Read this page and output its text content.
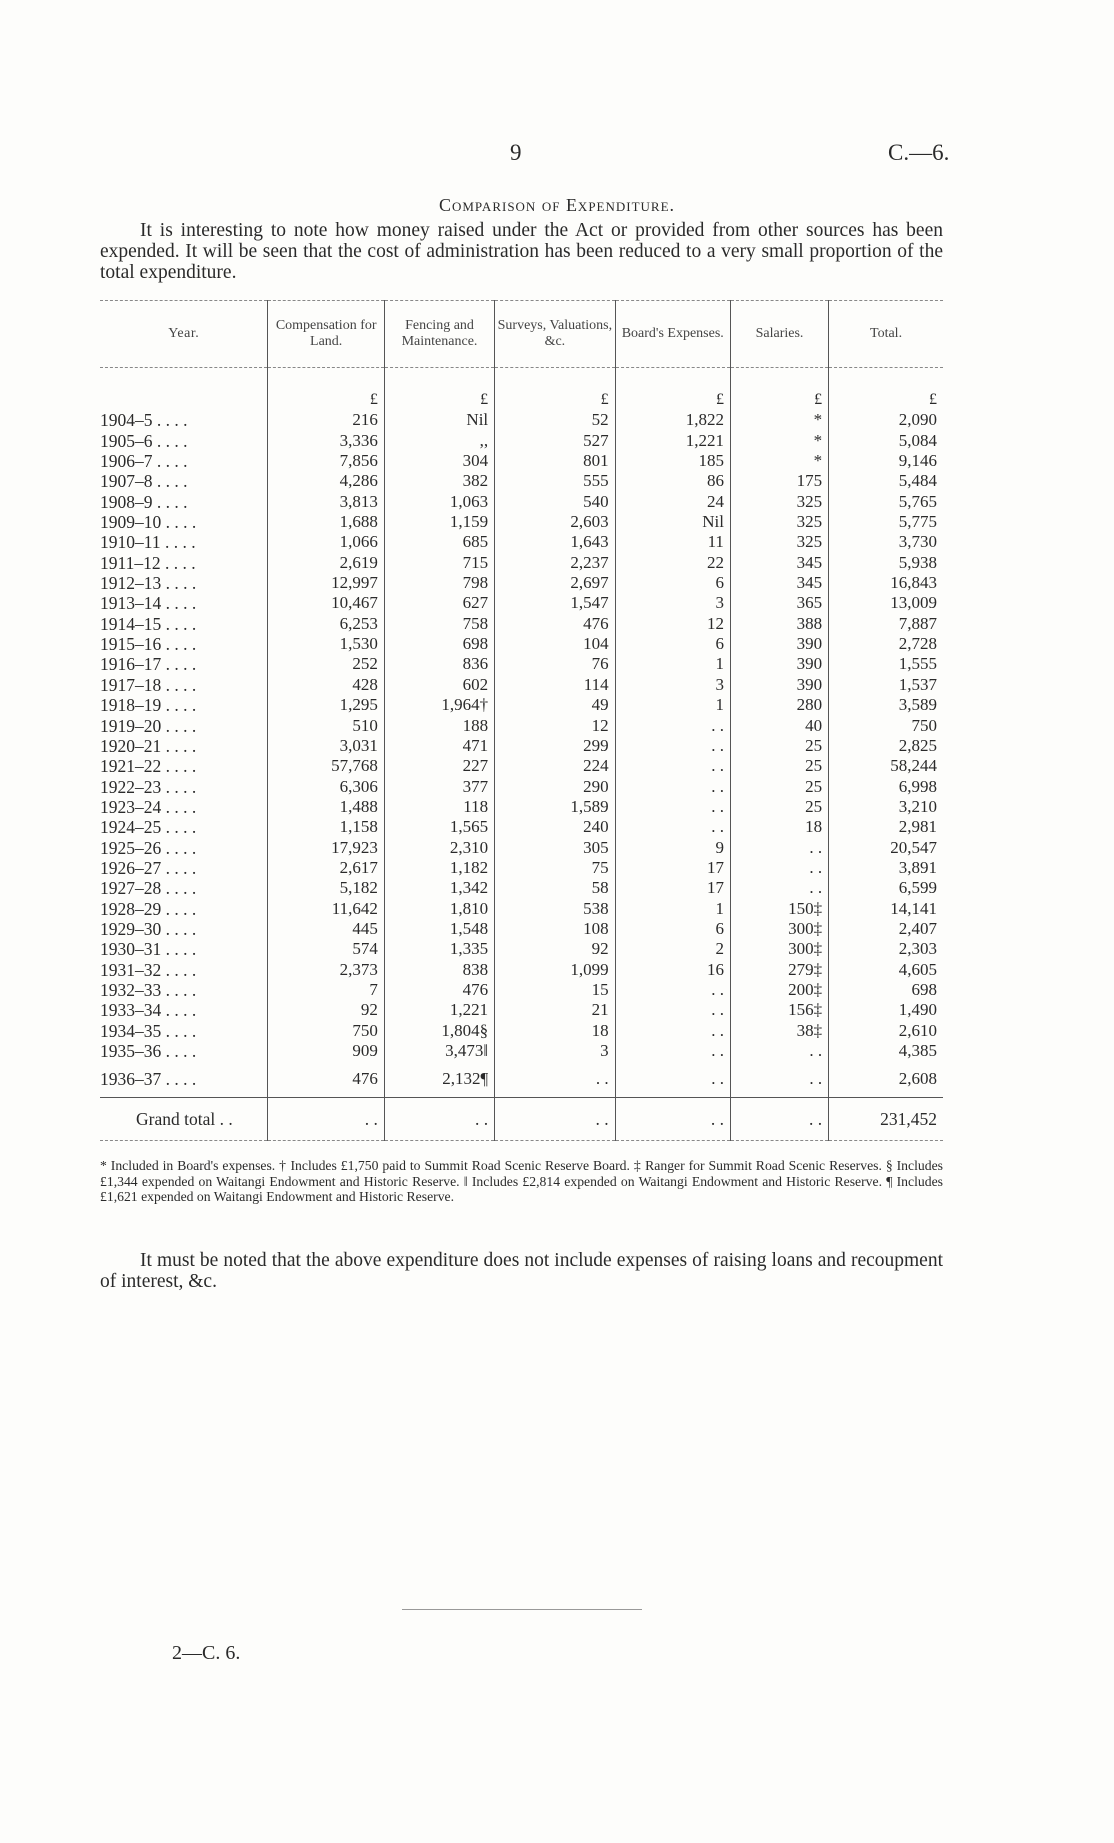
9	C.—6.
Comparison of Expenditure.

It is interesting to note how money raised under the Act or provided from other sources has been expended. It will be seen that the cost of administration has been reduced to a very small proportion of the total expenditure.

Year.	Compensation for Land.	Fencing and Maintenance.	Surveys, Valuations, &c.	Board's Expenses.	Salaries.	Total.
	£	£	£	£	£	£
1904–5 . . . .	216	Nil	52	1,822	*	2,090
1905–6 . . . .	3,336	,,	527	1,221	*	5,084
1906–7 . . . .	7,856	304	801	185	*	9,146
1907–8 . . . .	4,286	382	555	86	175	5,484
1908–9 . . . .	3,813	1,063	540	24	325	5,765
1909–10 . . . .	1,688	1,159	2,603	Nil	325	5,775
1910–11 . . . .	1,066	685	1,643	11	325	3,730
1911–12 . . . .	2,619	715	2,237	22	345	5,938
1912–13 . . . .	12,997	798	2,697	6	345	16,843
1913–14 . . . .	10,467	627	1,547	3	365	13,009
1914–15 . . . .	6,253	758	476	12	388	7,887
1915–16 . . . .	1,530	698	104	6	390	2,728
1916–17 . . . .	252	836	76	1	390	1,555
1917–18 . . . .	428	602	114	3	390	1,537
1918–19 . . . .	1,295	1,964†	49	1	280	3,589
1919–20 . . . .	510	188	12	. .	40	750
1920–21 . . . .	3,031	471	299	. .	25	2,825
1921–22 . . . .	57,768	227	224	. .	25	58,244
1922–23 . . . .	6,306	377	290	. .	25	6,998
1923–24 . . . .	1,488	118	1,589	. .	25	3,210
1924–25 . . . .	1,158	1,565	240	. .	18	2,981
1925–26 . . . .	17,923	2,310	305	9	. .	20,547
1926–27 . . . .	2,617	1,182	75	17	. .	3,891
1927–28 . . . .	5,182	1,342	58	17	. .	6,599
1928–29 . . . .	11,642	1,810	538	1	150‡	14,141
1929–30 . . . .	445	1,548	108	6	300‡	2,407
1930–31 . . . .	574	1,335	92	2	300‡	2,303
1931–32 . . . .	2,373	838	1,099	16	279‡	4,605
1932–33 . . . .	7	476	15	. .	200‡	698
1933–34 . . . .	92	1,221	21	. .	156‡	1,490
1934–35 . . . .	750	1,804§	18	. .	38‡	2,610
1935–36 . . . .	909	3,473‖	3	. .	. .	4,385
1936–37 . . . .	476	2,132¶	. .	. .	. .	2,608
Grand total . .	. .	. .	. .	. .	. .	231,452

* Included in Board's expenses. † Includes £1,750 paid to Summit Road Scenic Reserve Board. ‡ Ranger for Summit Road Scenic Reserves. § Includes £1,344 expended on Waitangi Endowment and Historic Reserve. ‖ Includes £2,814 expended on Waitangi Endowment and Historic Reserve. ¶ Includes £1,621 expended on Waitangi Endowment and Historic Reserve.

It must be noted that the above expenditure does not include expenses of raising loans and recoupment of interest, &c.

2—C. 6.
